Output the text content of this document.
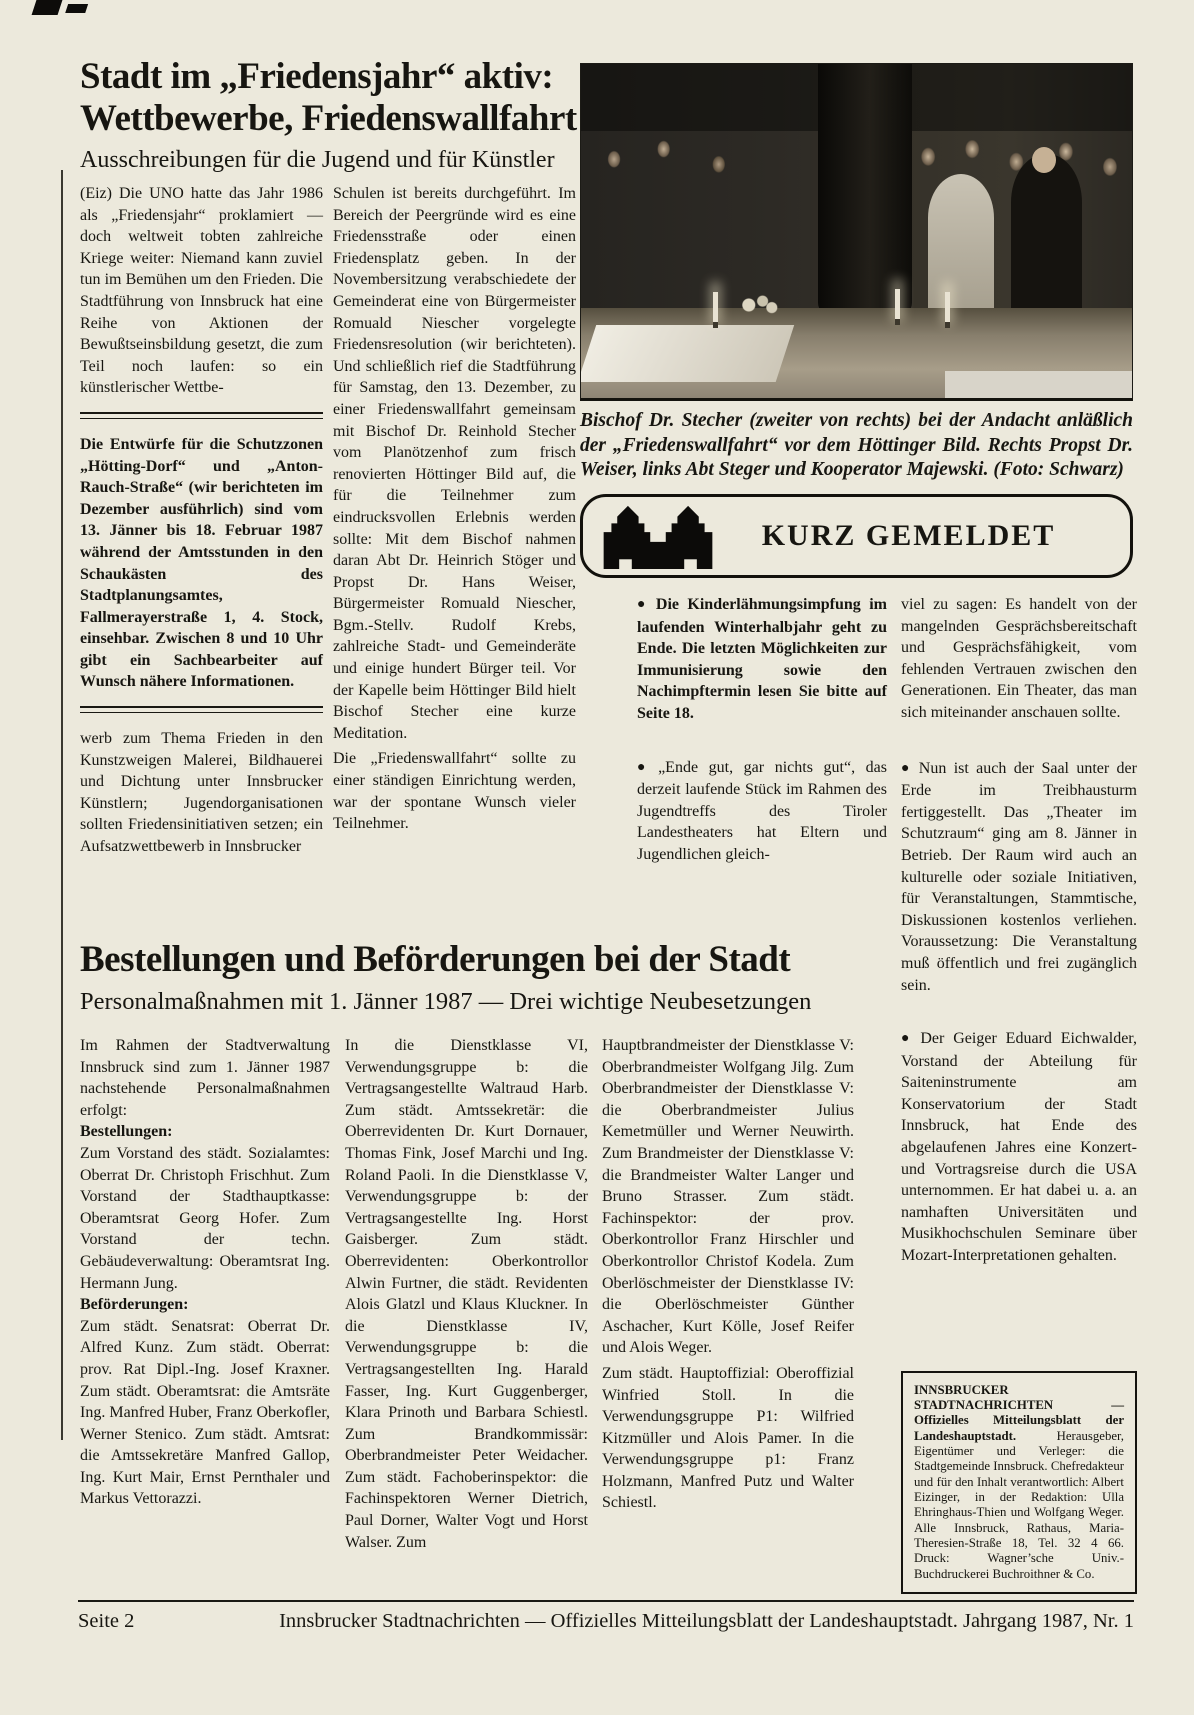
Stadt im „Friedensjahr“ aktiv:
Wettbewerbe, Friedenswallfahrt
Ausschreibungen für die Jugend und für Künstler

(Eiz) Die UNO hatte das Jahr 1986 als „Friedensjahr“ proklamiert — doch weltweit tobten zahlreiche Kriege weiter: Niemand kann zuviel tun im Bemühen um den Frieden. Die Stadtführung von Innsbruck hat eine Reihe von Aktionen der Bewußtseinsbildung gesetzt, die zum Teil noch laufen: so ein künstlerischer Wettbe-

Die Entwürfe für die Schutzzonen „Hötting-Dorf“ und „Anton-Rauch-Straße“ (wir berichteten im Dezember ausführlich) sind vom 13. Jänner bis 18. Februar 1987 während der Amtsstunden in den Schaukästen des Stadtplanungsamtes, Fallmerayerstraße 1, 4. Stock, einsehbar. Zwischen 8 und 10 Uhr gibt ein Sachbearbeiter auf Wunsch nähere Informationen.

werb zum Thema Frieden in den Kunstzweigen Malerei, Bildhauerei und Dichtung unter Innsbrucker Künstlern; Jugendorganisationen sollten Friedensinitiativen setzen; ein Aufsatzwettbewerb in Innsbrucker

Schulen ist bereits durchgeführt. Im Bereich der Peergründe wird es eine Friedensstraße oder einen Friedensplatz geben. In der Novembersitzung verabschiedete der Gemeinderat eine von Bürgermeister Romuald Niescher vorgelegte Friedensresolution (wir berichteten). Und schließlich rief die Stadtführung für Samstag, den 13. Dezember, zu einer Friedenswallfahrt gemeinsam mit Bischof Dr. Reinhold Stecher vom Planötzenhof zum frisch renovierten Höttinger Bild auf, die für die Teilnehmer zum eindrucksvollen Erlebnis werden sollte: Mit dem Bischof nahmen daran Abt Dr. Heinrich Stöger und Propst Dr. Hans Weiser, Bürgermeister Romuald Niescher, Bgm.-Stellv. Rudolf Krebs, zahlreiche Stadt- und Gemeinderäte und einige hundert Bürger teil. Vor der Kapelle beim Höttinger Bild hielt Bischof Stecher eine kurze Meditation.

Die „Friedenswallfahrt“ sollte zu einer ständigen Einrichtung werden, war der spontane Wunsch vieler Teilnehmer.

Bischof Dr. Stecher (zweiter von rechts) bei der Andacht anläßlich der „Friedenswallfahrt“ vor dem Höttinger Bild. Rechts Propst Dr. Weiser, links Abt Steger und Kooperator Majewski. (Foto: Schwarz)
KURZ GEMELDET

● Die Kinderlähmungsimpfung im laufenden Winterhalbjahr geht zu Ende. Die letzten Möglichkeiten zur Immunisierung sowie den Nachimpftermin lesen Sie bitte auf Seite 18.

● „Ende gut, gar nichts gut“, das derzeit laufende Stück im Rahmen des Jugendtreffs des Tiroler Landestheaters hat Eltern und Jugendlichen gleich-

viel zu sagen: Es handelt von der mangelnden Gesprächsbereitschaft und Gesprächsfähigkeit, vom fehlenden Vertrauen zwischen den Generationen. Ein Theater, das man sich miteinander anschauen sollte.

● Nun ist auch der Saal unter der Erde im Treibhausturm fertiggestellt. Das „Theater im Schutzraum“ ging am 8. Jänner in Betrieb. Der Raum wird auch an kulturelle oder soziale Initiativen, für Veranstaltungen, Stammtische, Diskussionen kostenlos verliehen. Voraussetzung: Die Veranstaltung muß öffentlich und frei zugänglich sein.

● Der Geiger Eduard Eichwalder, Vorstand der Abteilung für Saiteninstrumente am Konservatorium der Stadt Innsbruck, hat Ende des abgelaufenen Jahres eine Konzert- und Vortragsreise durch die USA unternommen. Er hat dabei u. a. an namhaften Universitäten und Musikhochschulen Seminare über Mozart-Interpretationen gehalten.

INNSBRUCKER STADTNACHRICHTEN — Offizielles Mitteilungsblatt der Landeshauptstadt.	Herausgeber, Eigentümer und Verleger: die Stadtgemeinde Innsbruck. Chefredakteur und für den Inhalt verantwortlich: Albert Eizinger, in der Redaktion: Ulla Ehringhaus-Thien und Wolfgang Weger. Alle Innsbruck, Rathaus, Maria-Theresien-Straße 18, Tel. 32 4 66. Druck: Wagner’sche Univ.-Buchdruckerei Buchroithner & Co.
Bestellungen und Beförderungen bei der Stadt
Personalmaßnahmen mit 1. Jänner 1987 — Drei wichtige Neubesetzungen

Im Rahmen der Stadtverwaltung Innsbruck sind zum 1. Jänner 1987 nachstehende Personalmaßnahmen erfolgt:

Bestellungen:

Zum Vorstand des städt. Sozialamtes: Oberrat Dr. Christoph Frischhut. Zum Vorstand der Stadthauptkasse: Oberamtsrat Georg Hofer. Zum Vorstand der techn. Gebäudeverwaltung: Oberamtsrat Ing. Hermann Jung.

Beförderungen:

Zum städt. Senatsrat: Oberrat Dr. Alfred Kunz. Zum städt. Oberrat: prov. Rat Dipl.-Ing. Josef Kraxner. Zum städt. Oberamtsrat: die Amtsräte Ing. Manfred Huber, Franz Oberkofler, Werner Stenico. Zum städt. Amtsrat: die Amtssekretäre Manfred Gallop, Ing. Kurt Mair, Ernst Pernthaler und Markus Vettorazzi.

In die Dienstklasse VI, Verwendungsgruppe b: die Vertragsangestellte Waltraud Harb. Zum städt. Amtssekretär: die Oberrevidenten Dr. Kurt Dornauer, Thomas Fink, Josef Marchi und Ing. Roland Paoli. In die Dienstklasse V, Verwendungsgruppe b: der Vertragsangestellte Ing. Horst Gaisberger. Zum städt. Oberrevidenten: Oberkontrollor Alwin Furtner, die städt. Revidenten Alois Glatzl und Klaus Kluckner. In die Dienstklasse IV, Verwendungsgruppe b: die Vertragsangestellten Ing. Harald Fasser, Ing. Kurt Guggenberger, Klara Prinoth und Barbara Schiestl. Zum Brandkommissär: Oberbrandmeister Peter Weidacher. Zum städt. Fachoberinspektor: die Fachinspektoren Werner Dietrich, Paul Dorner, Walter Vogt und Horst Walser. Zum

Hauptbrandmeister der Dienstklasse V: Oberbrandmeister Wolfgang Jilg. Zum Oberbrandmeister der Dienstklasse V: die Oberbrandmeister Julius Kemetmüller und Werner Neuwirth. Zum Brandmeister der Dienstklasse V: die Brandmeister Walter Langer und Bruno Strasser. Zum städt. Fachinspektor: der prov. Oberkontrollor Franz Hirschler und Oberkontrollor Christof Kodela. Zum Oberlöschmeister der Dienstklasse IV: die Oberlöschmeister Günther Aschacher, Kurt Kölle, Josef Reifer und Alois Weger.

Zum städt. Hauptoffizial: Oberoffizial Winfried Stoll. In die Verwendungsgruppe P1: Wilfried Kitzmüller und Alois Pamer. In die Verwendungsgruppe p1: Franz Holzmann, Manfred Putz und Walter Schiestl.

Seite 2	Innsbrucker Stadtnachrichten — Offizielles Mitteilungsblatt der Landeshauptstadt. Jahrgang 1987, Nr. 1
